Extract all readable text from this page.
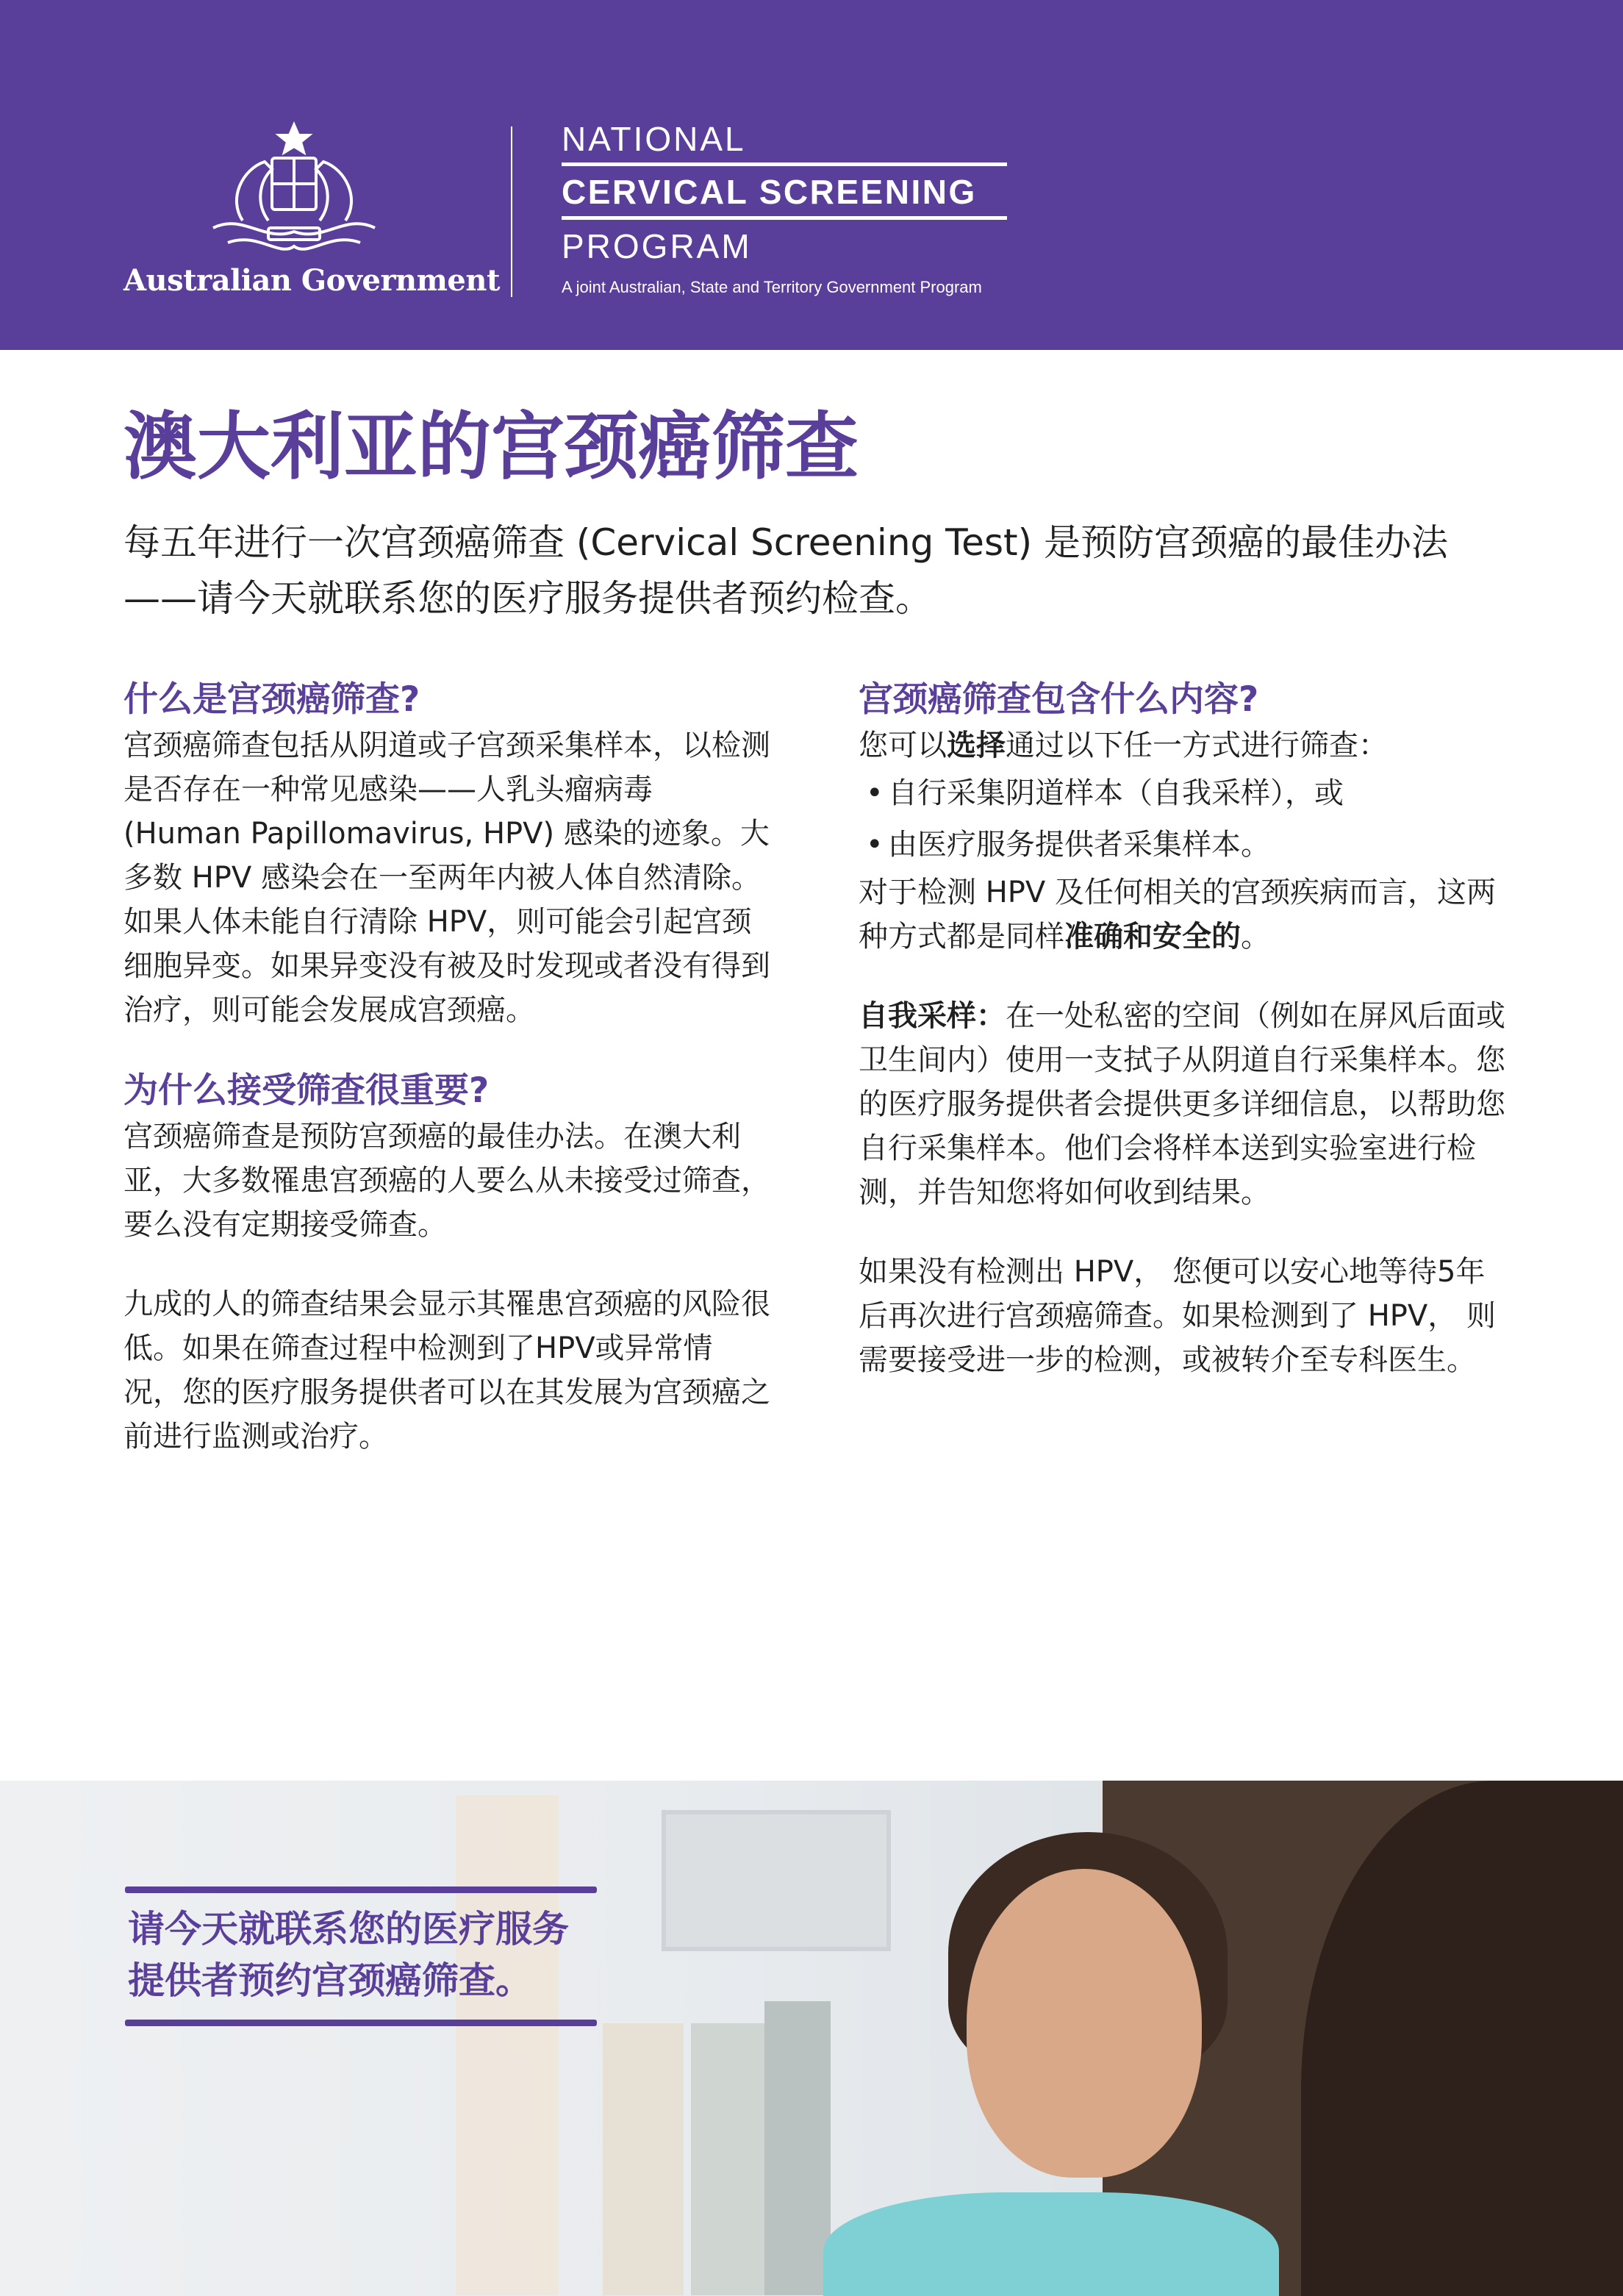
Australian Government
NATIONAL
CERVICAL SCREENING
PROGRAM
A joint Australian, State and Territory Government Program
澳大利亚的宫颈癌筛查

每五年进行一次宫颈癌筛查 (Cervical Screening Test) 是预防宫颈癌的最佳办法——请今天就联系您的医疗服务提供者预约检查。

什么是宫颈癌筛查?

宫颈癌筛查包括从阴道或子宫颈采集样本，以检测是否存在一种常见感染——人乳头瘤病毒 (Human Papillomavirus, HPV) 感染的迹象。大多数 HPV 感染会在一至两年内被人体自然清除。如果人体未能自行清除 HPV，则可能会引起宫颈细胞异变。如果异变没有被及时发现或者没有得到治疗，则可能会发展成宫颈癌。

为什么接受筛查很重要?

宫颈癌筛查是预防宫颈癌的最佳办法。在澳大利亚，大多数罹患宫颈癌的人要么从未接受过筛查，要么没有定期接受筛查。

九成的人的筛查结果会显示其罹患宫颈癌的风险很低。如果在筛查过程中检测到了HPV或异常情况，您的医疗服务提供者可以在其发展为宫颈癌之前进行监测或治疗。

宫颈癌筛查包含什么内容?

您可以选择通过以下任一方式进行筛查：

• 自行采集阴道样本（自我采样），或
• 由医疗服务提供者采集样本。

对于检测 HPV 及任何相关的宫颈疾病而言，这两种方式都是同样准确和安全的。

自我采样：在一处私密的空间（例如在屏风后面或卫生间内）使用一支拭子从阴道自行采集样本。您的医疗服务提供者会提供更多详细信息，以帮助您自行采集样本。他们会将样本送到实验室进行检测，并告知您将如何收到结果。

如果没有检测出 HPV， 您便可以安心地等待5年后再次进行宫颈癌筛查。如果检测到了 HPV， 则需要接受进一步的检测，或被转介至专科医生。

请今天就联系您的医疗服务提供者预约宫颈癌筛查。
